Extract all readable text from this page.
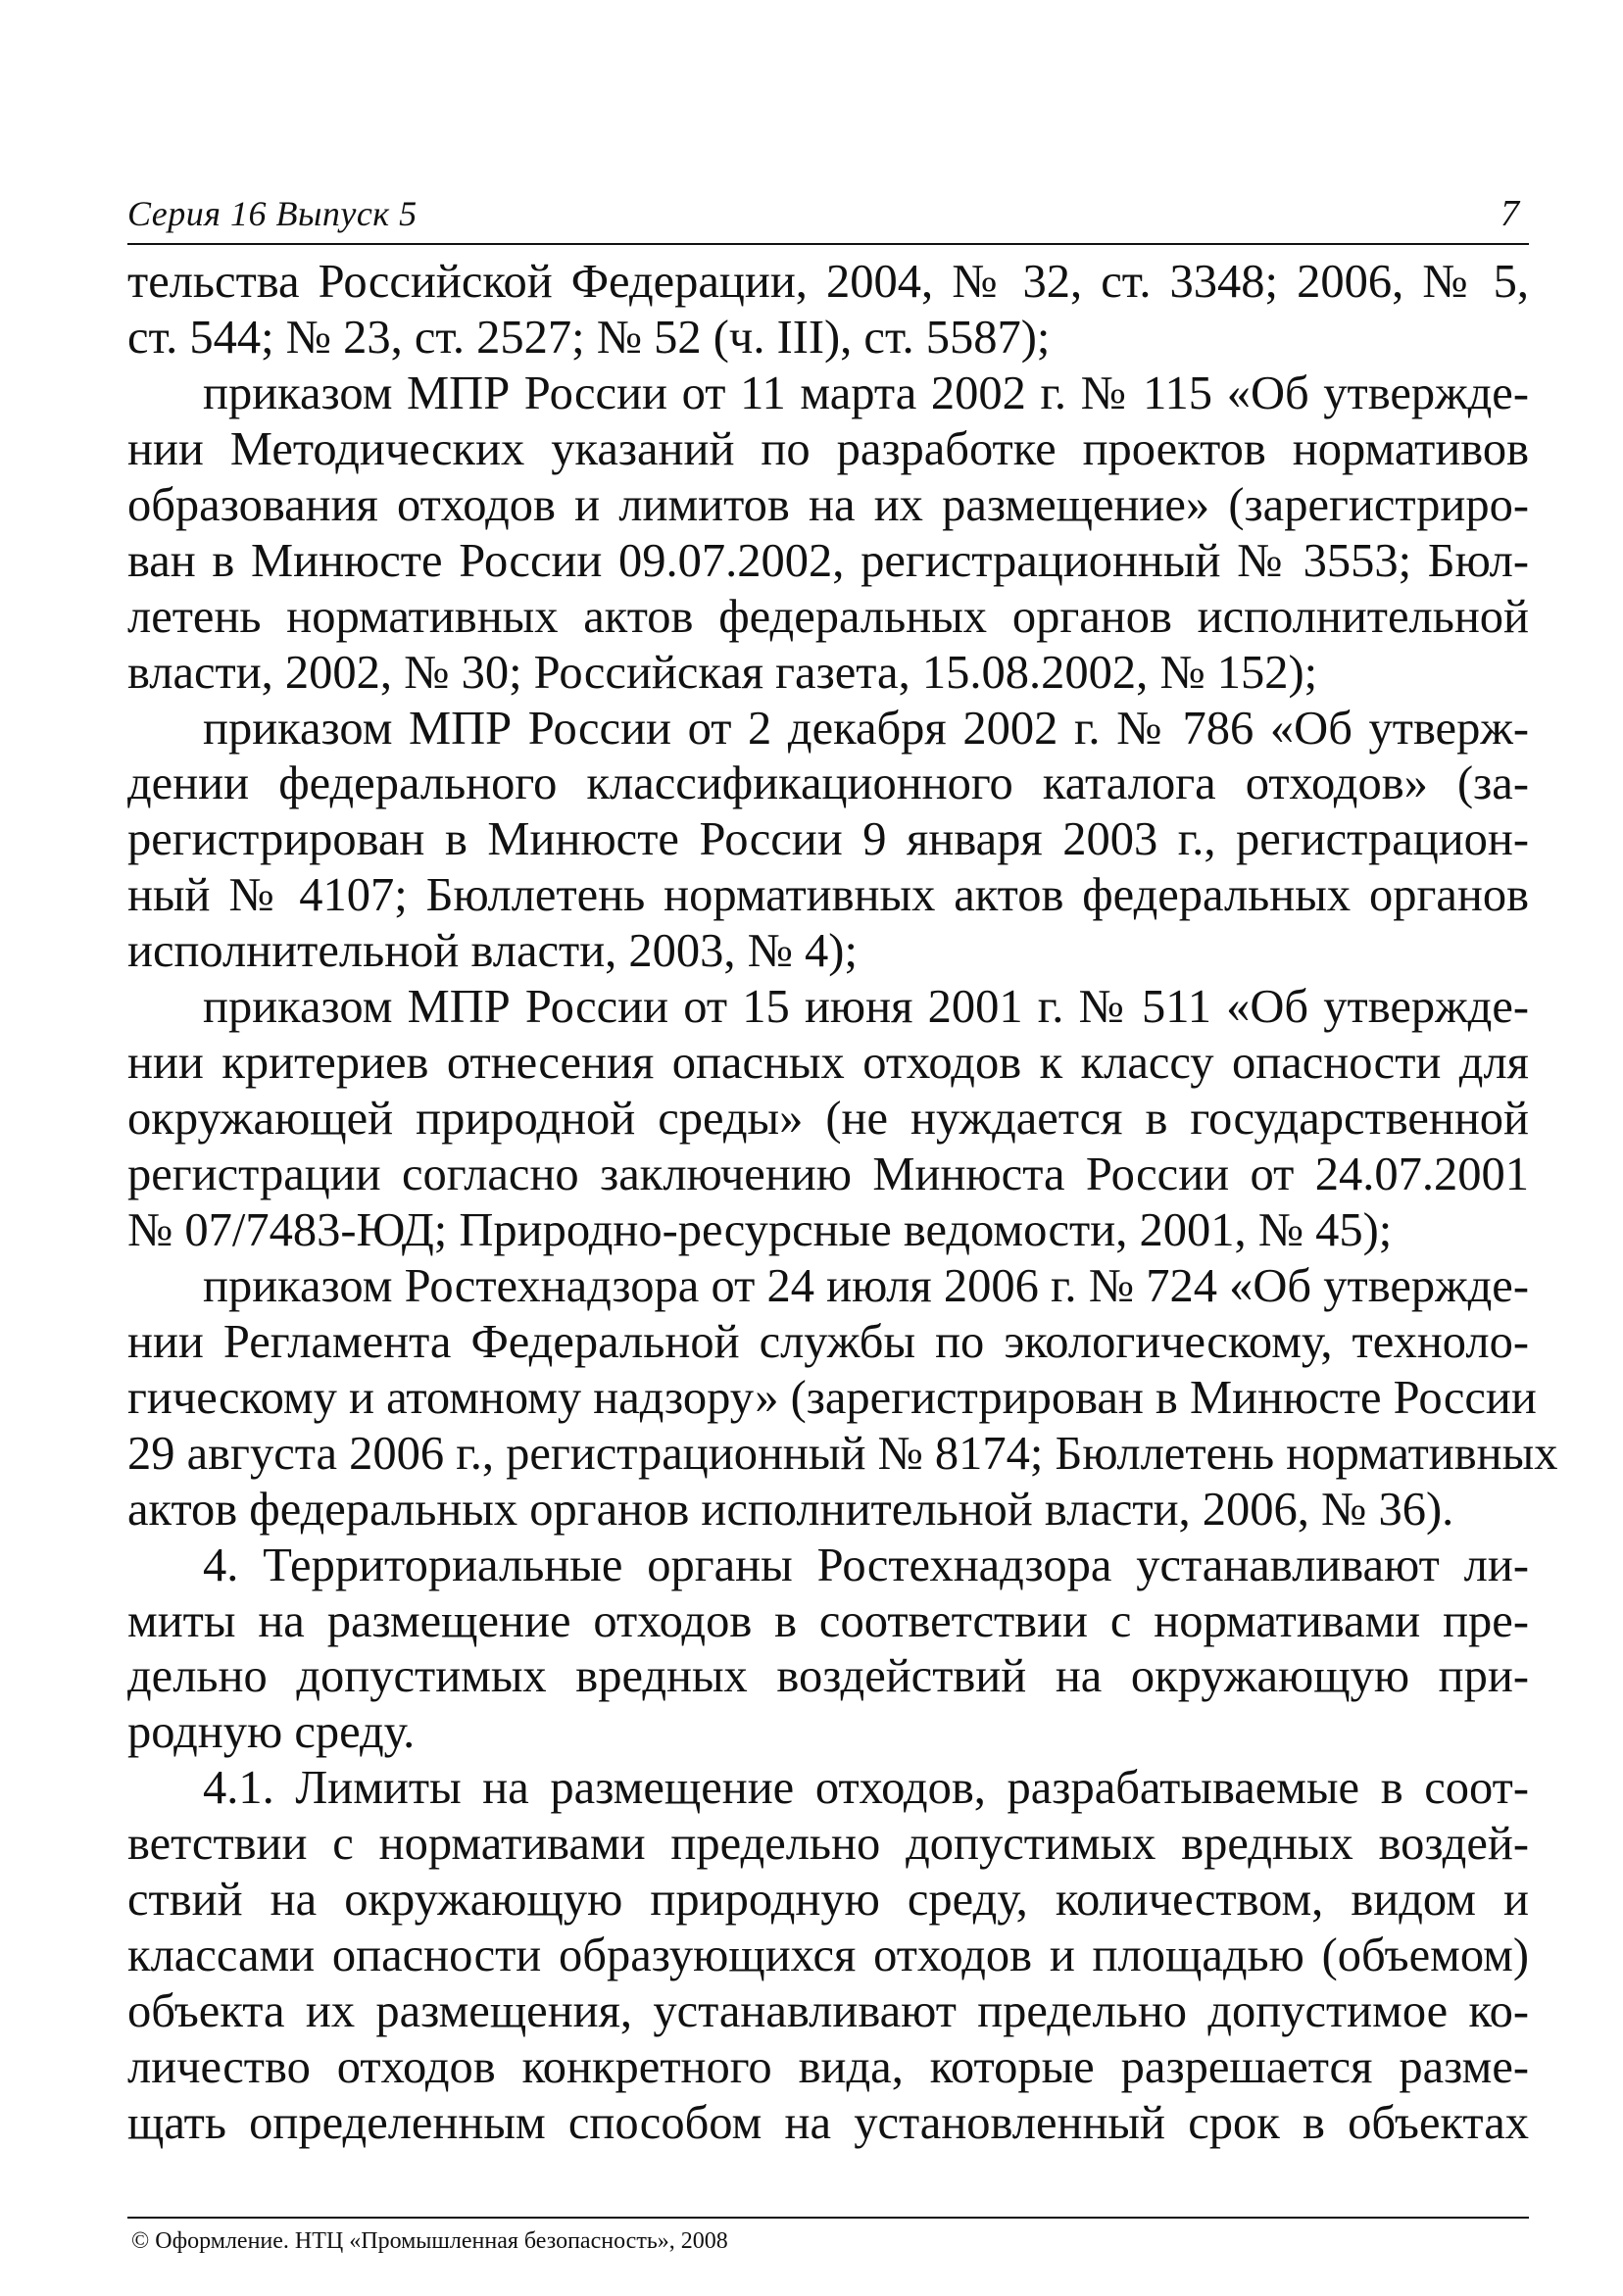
Серия 16 Выпуск 5	7
тельства Российской Федерации, 2004, № 32, ст. 3348; 2006, № 5,
ст. 544; № 23, ст. 2527; № 52 (ч. III), ст. 5587);
приказом МПР России от 11 марта 2002 г. № 115 «Об утвержде-
нии Методических указаний по разработке проектов нормативов
образования отходов и лимитов на их размещение» (зарегистриро-
ван в Минюсте России 09.07.2002, регистрационный № 3553; Бюл-
летень нормативных актов федеральных органов исполнительной
власти, 2002, № 30; Российская газета, 15.08.2002, № 152);
приказом МПР России от 2 декабря 2002 г. № 786 «Об утверж-
дении федерального классификационного каталога отходов» (за-
регистрирован в Минюсте России 9 января 2003 г., регистрацион-
ный № 4107; Бюллетень нормативных актов федеральных органов
исполнительной власти, 2003, № 4);
приказом МПР России от 15 июня 2001 г. № 511 «Об утвержде-
нии критериев отнесения опасных отходов к классу опасности для
окружающей природной среды» (не нуждается в государственной
регистрации согласно заключению Минюста России от 24.07.2001
№ 07/7483-ЮД; Природно-ресурсные ведомости, 2001, № 45);
приказом Ростехнадзора от 24 июля 2006 г. № 724 «Об утвержде-
нии Регламента Федеральной службы по экологическому, техноло-
гическому и атомному надзору» (зарегистрирован в Минюсте России
29 августа 2006 г., регистрационный № 8174; Бюллетень нормативных
актов федеральных органов исполнительной власти, 2006, № 36).
4. Территориальные органы Ростехнадзора устанавливают ли-
миты на размещение отходов в соответствии с нормативами пре-
дельно допустимых вредных воздействий на окружающую при-
родную среду.
4.1. Лимиты на размещение отходов, разрабатываемые в соот-
ветствии с нормативами предельно допустимых вредных воздей-
ствий на окружающую природную среду, количеством, видом и
классами опасности образующихся отходов и площадью (объемом)
объекта их размещения, устанавливают предельно допустимое ко-
личество отходов конкретного вида, которые разрешается разме-
щать определенным способом на установленный срок в объектах
© Оформление. НТЦ «Промышленная безопасность», 2008
